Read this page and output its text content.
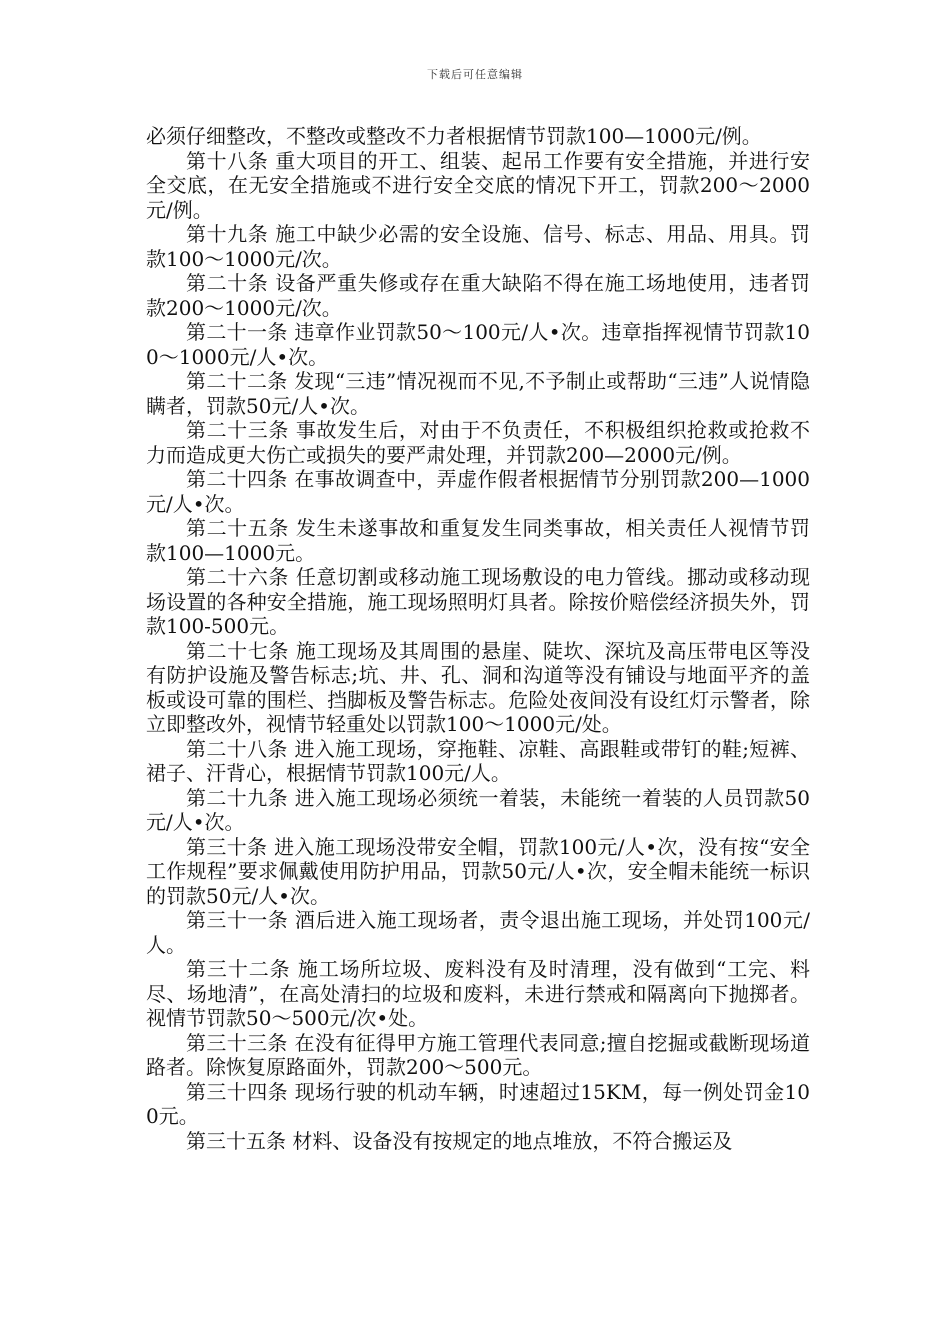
下载后可任意编辑

必须仔细整改，不整改或整改不力者根据情节罚款100—1000元/例。

第十八条 重大项目的开工、组装、起吊工作要有安全措施，并进行安全交底，在无安全措施或不进行安全交底的情况下开工，罚款200～2000元/例。

第十九条 施工中缺少必需的安全设施、信号、标志、用品、用具。罚款100～1000元/次。

第二十条 设备严重失修或存在重大缺陷不得在施工场地使用，违者罚款200～1000元/次。

第二十一条 违章作业罚款50～100元/人•次。违章指挥视情节罚款100～1000元/人•次。

第二十二条 发现“三违”情况视而不见,不予制止或帮助“三违”人说情隐瞒者，罚款50元/人•次。

第二十三条 事故发生后，对由于不负责任，不积极组织抢救或抢救不力而造成更大伤亡或损失的要严肃处理，并罚款200—2000元/例。

第二十四条 在事故调查中，弄虚作假者根据情节分别罚款200—1000元/人•次。

第二十五条 发生未遂事故和重复发生同类事故，相关责任人视情节罚款100—1000元。

第二十六条 任意切割或移动施工现场敷设的电力管线。挪动或移动现场设置的各种安全措施，施工现场照明灯具者。除按价赔偿经济损失外，罚款100-500元。

第二十七条 施工现场及其周围的悬崖、陡坎、深坑及高压带电区等没有防护设施及警告标志;坑、井、孔、洞和沟道等没有铺设与地面平齐的盖板或设可靠的围栏、挡脚板及警告标志。危险处夜间没有设红灯示警者，除立即整改外，视情节轻重处以罚款100～1000元/处。

第二十八条 进入施工现场，穿拖鞋、凉鞋、高跟鞋或带钉的鞋;短裤、裙子、汗背心，根据情节罚款100元/人。

第二十九条 进入施工现场必须统一着装，未能统一着装的人员罚款50元/人•次。

第三十条 进入施工现场没带安全帽，罚款100元/人•次，没有按“安全工作规程”要求佩戴使用防护用品，罚款50元/人•次，安全帽未能统一标识的罚款50元/人•次。

第三十一条 酒后进入施工现场者，责令退出施工现场，并处罚100元/人。

第三十二条 施工场所垃圾、废料没有及时清理，没有做到“工完、料尽、场地清”，在高处清扫的垃圾和废料，未进行禁戒和隔离向下抛掷者。视情节罚款50～500元/次•处。

第三十三条 在没有征得甲方施工管理代表同意;擅自挖掘或截断现场道路者。除恢复原路面外，罚款200～500元。

第三十四条 现场行驶的机动车辆，时速超过15KM，每一例处罚金100元。

第三十五条 材料、设备没有按规定的地点堆放，不符合搬运及
